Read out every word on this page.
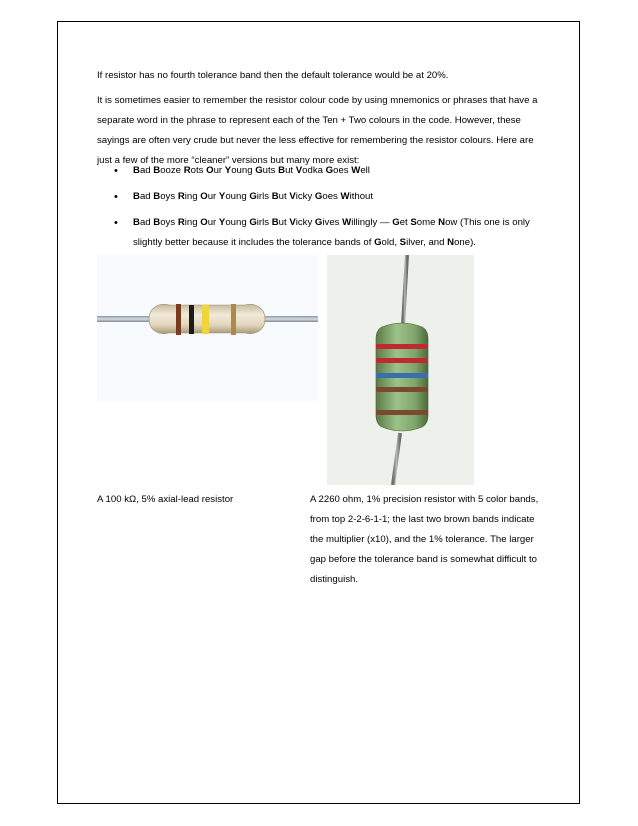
If resistor has no fourth tolerance band then the default tolerance would be at 20%.

It is sometimes easier to remember the resistor colour code by using mnemonics or phrases that have a separate word in the phrase to represent each of the Ten + Two colours in the code. However, these sayings are often very crude but never the less effective for remembering the resistor colours. Here are just a few of the more “cleaner” versions but many more exist:

• Bad Booze Rots Our Young Guts But Vodka Goes Well
• Bad Boys Ring Our Young Girls But Vicky Goes Without
• Bad Boys Ring Our Young Girls But Vicky Gives Willingly — Get Some Now (This one is only slightly better because it includes the tolerance bands of Gold, Silver, and None).

A 100 kΩ, 5% axial-lead resistor	A 2260 ohm, 1% precision resistor with 5 color bands, from top 2-2-6-1-1; the last two brown bands indicate the multiplier (x10), and the 1% tolerance. The larger gap before the tolerance band is somewhat difficult to distinguish.
